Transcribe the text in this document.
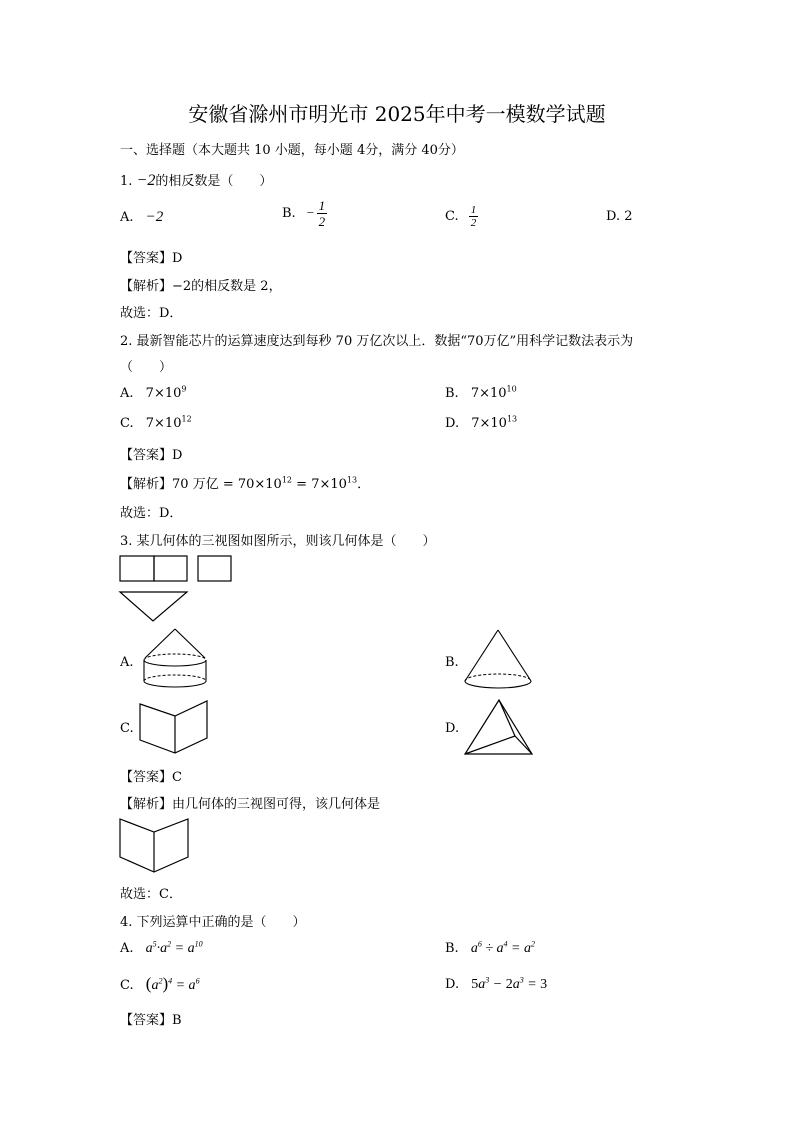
安徽省滁州市明光市 2025年中考一模数学试题
一、选择题（本大题共 10 小题，每小题 4分，满分 40分）
1. −2的相反数是（　　）
A. −2	B. − $\frac{1}{2}$	C. $\frac{1}{2}$	D. 2
【答案】D
【解析】−2的相反数是 2，
故选：D．
2. 最新智能芯片的运算速度达到每秒 70 万亿次以上．数据“70万亿”用科学记数法表示为
（　　）
A. $7\times 10^9$	B. $7\times 10^{10}$
C. $7\times 10^{12}$	D. $7\times 10^{13}$
【答案】D
【解析】70 万亿 = $70\times 10^{12} = 7\times 10^{13}$．
故选：D．
3. 某几何体的三视图如图所示，则该几何体是（　　）
A.	B.
C.	D.
【答案】C
【解析】由几何体的三视图可得，该几何体是
故选：C．
4. 下列运算中正确的是（　　）
A. $a^5\cdot a^2 = a^{10}$	B. $a^6 \div a^4 = a^2$
C. $(a^2)^4 = a^6$	D. $5a^3 - 2a^3 = 3$
【答案】B
